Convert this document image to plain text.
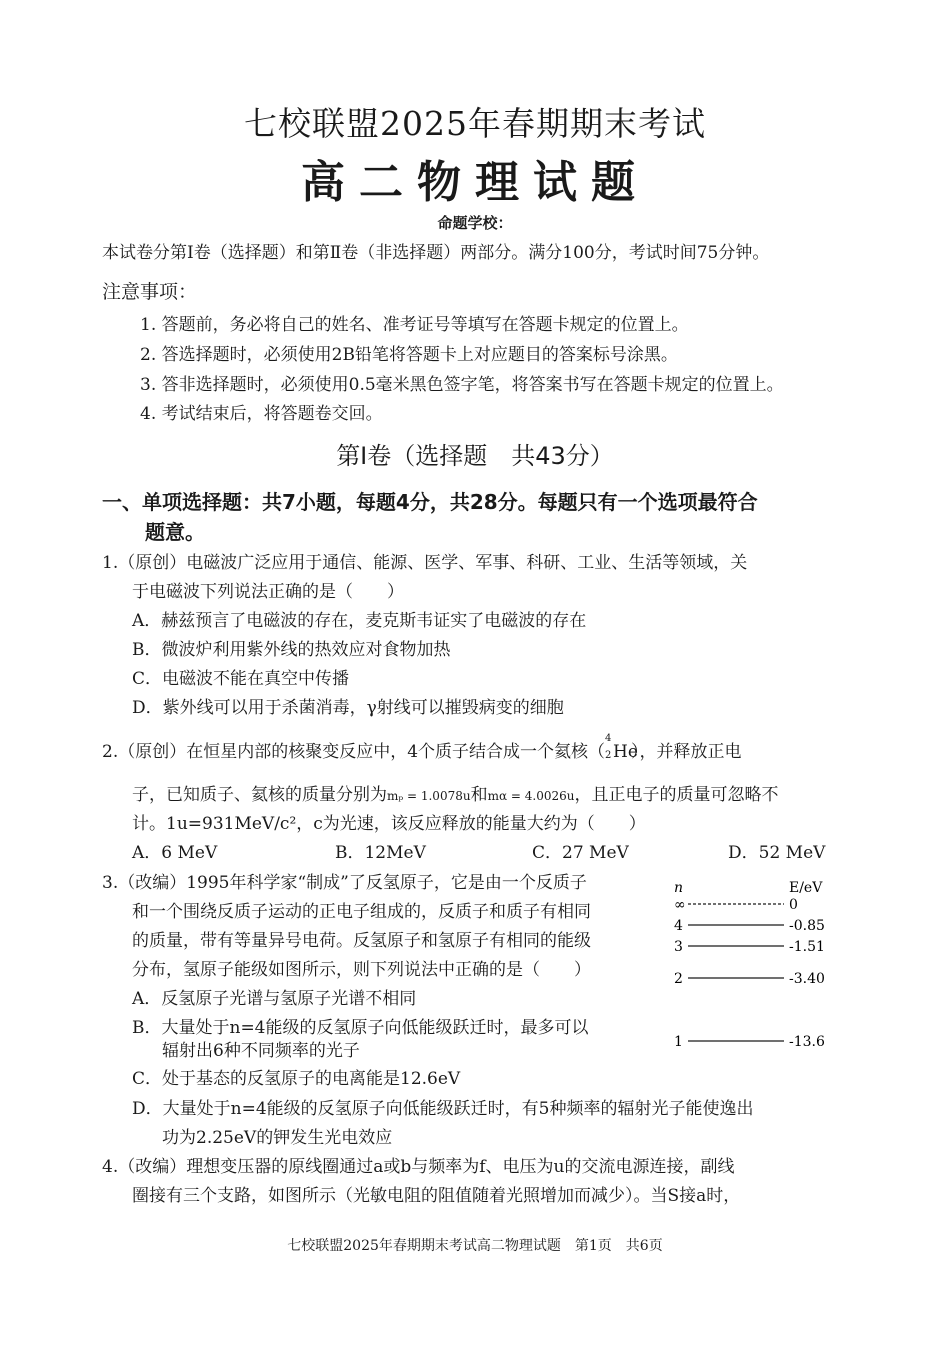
七校联盟2025年春期期末考试
高二物理试题
命题学校：
本试卷分第Ⅰ卷（选择题）和第Ⅱ卷（非选择题）两部分。满分100分，考试时间75分钟。
注意事项：
1. 答题前，务必将自己的姓名、准考证号等填写在答题卡规定的位置上。
2. 答选择题时，必须使用2B铅笔将答题卡上对应题目的答案标号涂黑。
3. 答非选择题时，必须使用0.5毫米黑色签字笔，将答案书写在答题卡规定的位置上。
4. 考试结束后，将答题卷交回。
第Ⅰ卷（选择题　共43分）
一、单项选择题：共7小题，每题4分，共28分。每题只有一个选项最符合
题意。
1.（原创）电磁波广泛应用于通信、能源、医学、军事、科研、工业、生活等领域，关
于电磁波下列说法正确的是（　　）
A．赫兹预言了电磁波的存在，麦克斯韦证实了电磁波的存在
B．微波炉利用紫外线的热效应对食物加热
C．电磁波不能在真空中传播
D．紫外线可以用于杀菌消毒，γ射线可以摧毁病变的细胞
2.（原创）在恒星内部的核聚变反应中，4个质子结合成一个氦核（
4
2 He），并释放正电
子，已知质子、氦核的质量分别为mₚ = 1.0078u和mα = 4.0026u，且正电子的质量可忽略不
计。1u=931MeV/c²，c为光速，该反应释放的能量大约为（　　）
A．6 MeV	B．12MeV	C．27 MeV	D．52 MeV
3.（改编）1995年科学家“制成”了反氢原子，它是由一个反质子
和一个围绕反质子运动的正电子组成的，反质子和质子有相同
的质量，带有等量异号电荷。反氢原子和氢原子有相同的能级
分布，氢原子能级如图所示，则下列说法中正确的是（　　）
A．反氢原子光谱与氢原子光谱不相同
B．大量处于n=4能级的反氢原子向低能级跃迁时，最多可以
辐射出6种不同频率的光子
C．处于基态的反氢原子的电离能是12.6eV
D．大量处于n=4能级的反氢原子向低能级跃迁时，有5种频率的辐射光子能使逸出
功为2.25eV的钾发生光电效应
n	E/eV
∞	0
4	-0.85
3	-1.51
2	-3.40
1	-13.6
4.（改编）理想变压器的原线圈通过a或b与频率为f、电压为u的交流电源连接，副线
圈接有三个支路，如图所示（光敏电阻的阻值随着光照增加而减少）。当S接a时，
七校联盟2025年春期期末考试高二物理试题　第1页　共6页
